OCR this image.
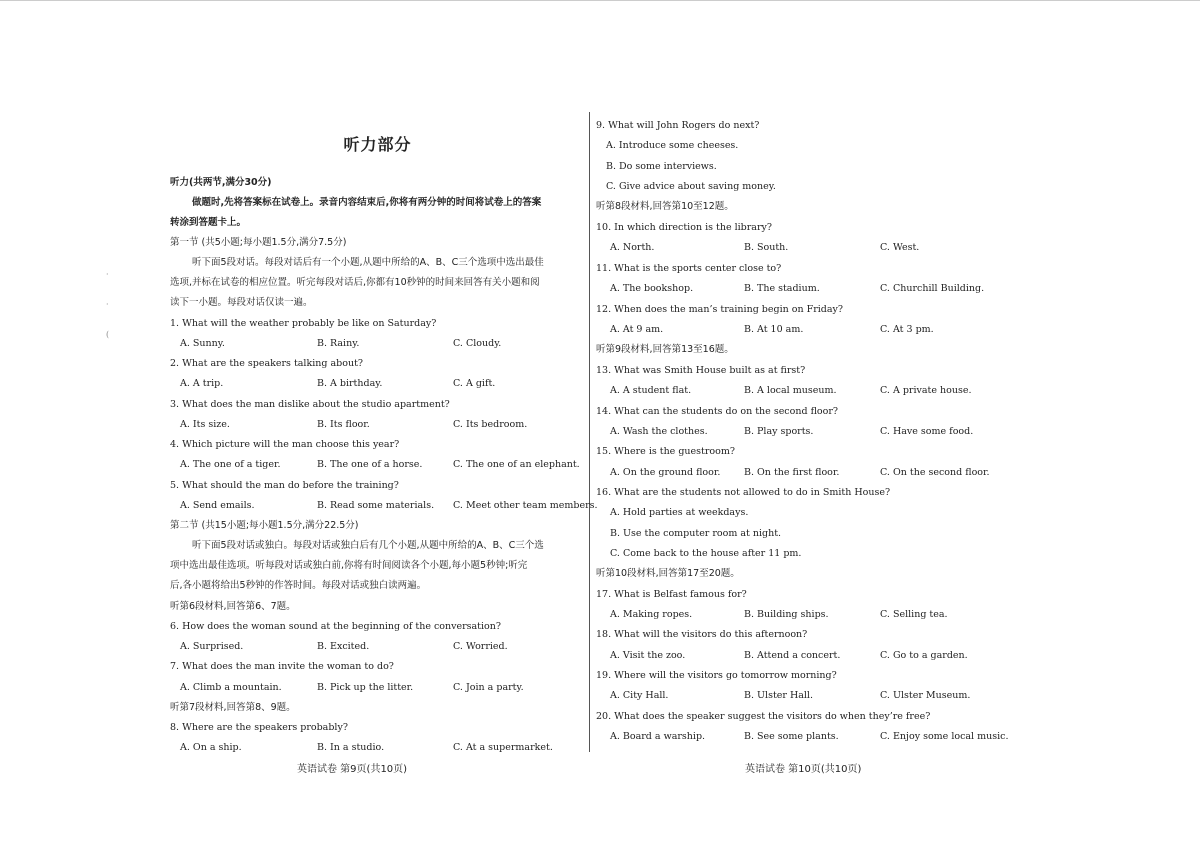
·
·
(
听力部分
听力(共两节,满分30分)
做题时,先将答案标在试卷上。录音内容结束后,你将有两分钟的时间将试卷上的答案
转涂到答题卡上。
第一节 (共5小题;每小题1.5分,满分7.5分)
听下面5段对话。每段对话后有一个小题,从题中所给的A、B、C三个选项中选出最佳
选项,并标在试卷的相应位置。听完每段对话后,你都有10秒钟的时间来回答有关小题和阅
读下一小题。每段对话仅读一遍。
1. What will the weather probably be like on Saturday?
A. Sunny.	B. Rainy.	C. Cloudy.
2. What are the speakers talking about?
A. A trip.	B. A birthday.	C. A gift.
3. What does the man dislike about the studio apartment?
A. Its size.	B. Its floor.	C. Its bedroom.
4. Which picture will the man choose this year?
A. The one of a tiger.	B. The one of a horse.	C. The one of an elephant.
5. What should the man do before the training?
A. Send emails.	B. Read some materials. C. Meet other team members.
第二节 (共15小题;每小题1.5分,满分22.5分)
听下面5段对话或独白。每段对话或独白后有几个小题,从题中所给的A、B、C三个选
项中选出最佳选项。听每段对话或独白前,你将有时间阅读各个小题,每小题5秒钟;听完
后,各小题将给出5秒钟的作答时间。每段对话或独白读两遍。
听第6段材料,回答第6、7题。
6. How does the woman sound at the beginning of the conversation?
A. Surprised.	B. Excited.	C. Worried.
7. What does the man invite the woman to do?
A. Climb a mountain.	B. Pick up the litter.	C. Join a party.
听第7段材料,回答第8、9题。
8. Where are the speakers probably?
A. On a ship.	B. In a studio.	C. At a supermarket.
9. What will John Rogers do next?
A. Introduce some cheeses.
B. Do some interviews.
C. Give advice about saving money.
听第8段材料,回答第10至12题。
10. In which direction is the library?
A. North.	B. South.	C. West.
11. What is the sports center close to?
A. The bookshop.	B. The stadium.	C. Churchill Building.
12. When does the man’s training begin on Friday?
A. At 9 am.	B. At 10 am.	C. At 3 pm.
听第9段材料,回答第13至16题。
13. What was Smith House built as at first?
A. A student flat.	B. A local museum.	C. A private house.
14. What can the students do on the second floor?
A. Wash the clothes.	B. Play sports.	C. Have some food.
15. Where is the guestroom?
A. On the ground floor. B. On the first floor.	C. On the second floor.
16. What are the students not allowed to do in Smith House?
A. Hold parties at weekdays.
B. Use the computer room at night.
C. Come back to the house after 11 pm.
听第10段材料,回答第17至20题。
17. What is Belfast famous for?
A. Making ropes.	B. Building ships.	C. Selling tea.
18. What will the visitors do this afternoon?
A. Visit the zoo.	B. Attend a concert.	C. Go to a garden.
19. Where will the visitors go tomorrow morning?
A. City Hall.	B. Ulster Hall.	C. Ulster Museum.
20. What does the speaker suggest the visitors do when they’re free?
A. Board a warship.	B. See some plants.	C. Enjoy some local music.
英语试卷 第9页(共10页)	英语试卷 第10页(共10页)
